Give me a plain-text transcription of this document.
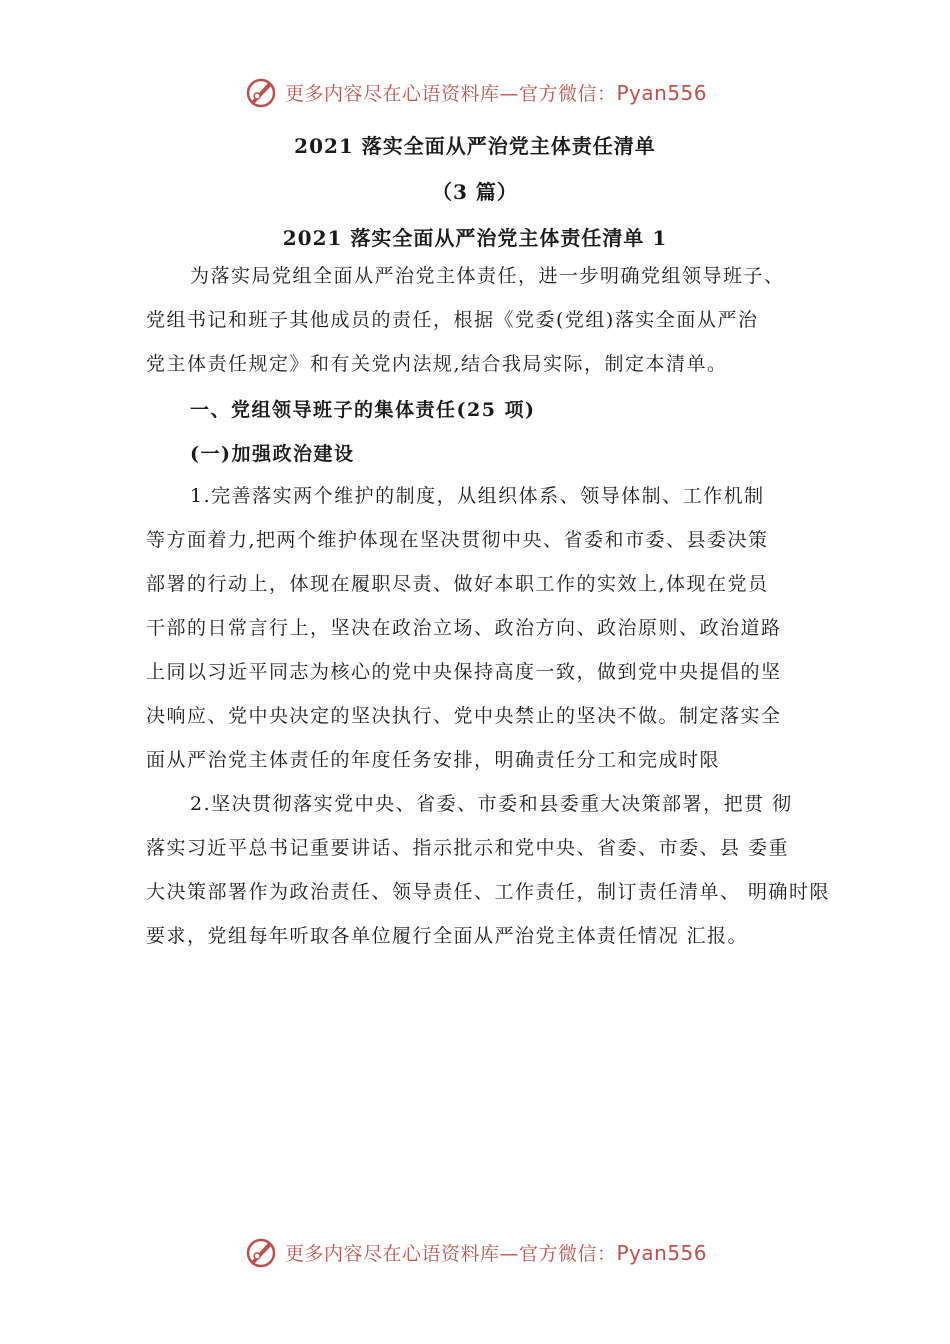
更多内容尽在心语资料库—官方微信：Pyan556
2021 落实全面从严治党主体责任清单
（3 篇）
2021 落实全面从严治党主体责任清单 1
为落实局党组全面从严治党主体责任，进一步明确党组领导班子、
党组书记和班子其他成员的责任，根据《党委(党组)落实全面从严治
党主体责任规定》和有关党内法规,结合我局实际，制定本清单。
一、党组领导班子的集体责任(25 项)
(一)加强政治建设
1.完善落实两个维护的制度，从组织体系、领导体制、工作机制
等方面着力,把两个维护体现在坚决贯彻中央、省委和市委、县委决策
部署的行动上，体现在履职尽责、做好本职工作的实效上,体现在党员
干部的日常言行上，坚决在政治立场、政治方向、政治原则、政治道路
上同以习近平同志为核心的党中央保持高度一致，做到党中央提倡的坚
决响应、党中央决定的坚决执行、党中央禁止的坚决不做。制定落实全
面从严治党主体责任的年度任务安排，明确责任分工和完成时限
2.坚决贯彻落实党中央、省委、市委和县委重大决策部署，把贯 彻
落实习近平总书记重要讲话、指示批示和党中央、省委、市委、县 委重
大决策部署作为政治责任、领导责任、工作责任，制订责任清单、 明确时限
要求，党组每年听取各单位履行全面从严治党主体责任情况 汇报。
更多内容尽在心语资料库—官方微信：Pyan556
